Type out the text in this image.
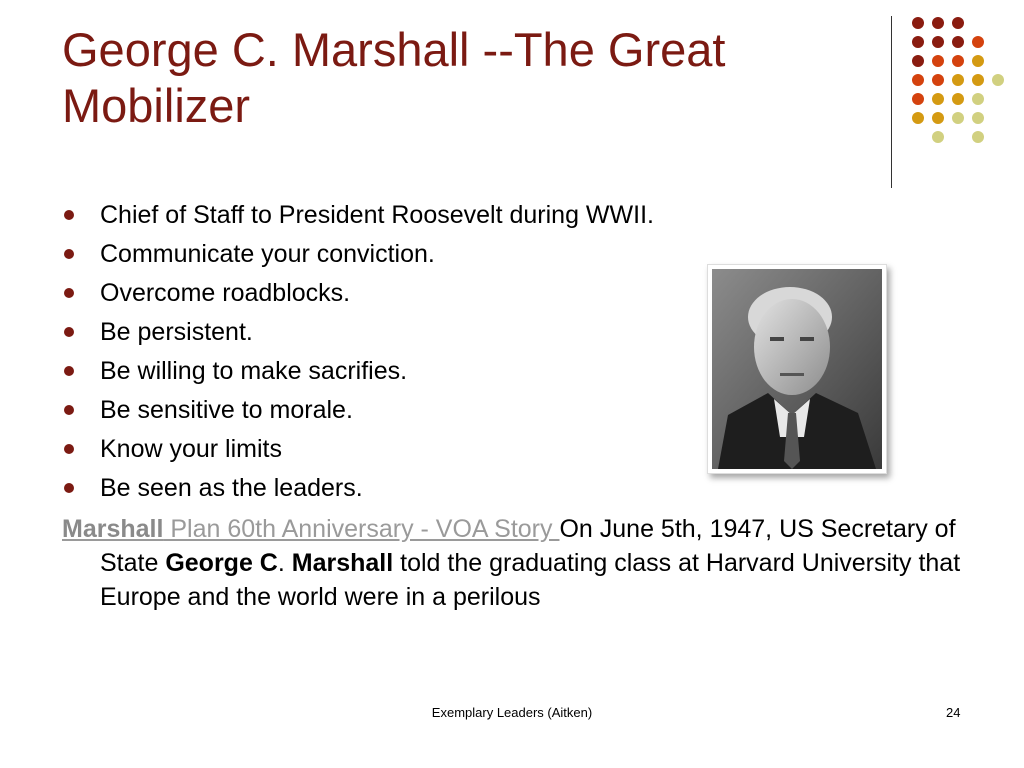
George C. Marshall --The Great Mobilizer
Chief of Staff to President Roosevelt during WWII.
Communicate your conviction.
Overcome roadblocks.
Be persistent.
Be willing to make sacrifies.
Be sensitive to morale.
Know your limits
Be seen as the leaders.
Marshall Plan 60th Anniversary - VOA Story On June 5th, 1947, US Secretary of State George C. Marshall told the graduating class at Harvard University that Europe and the world were in a perilous
Exemplary Leaders (Aitken)	24
